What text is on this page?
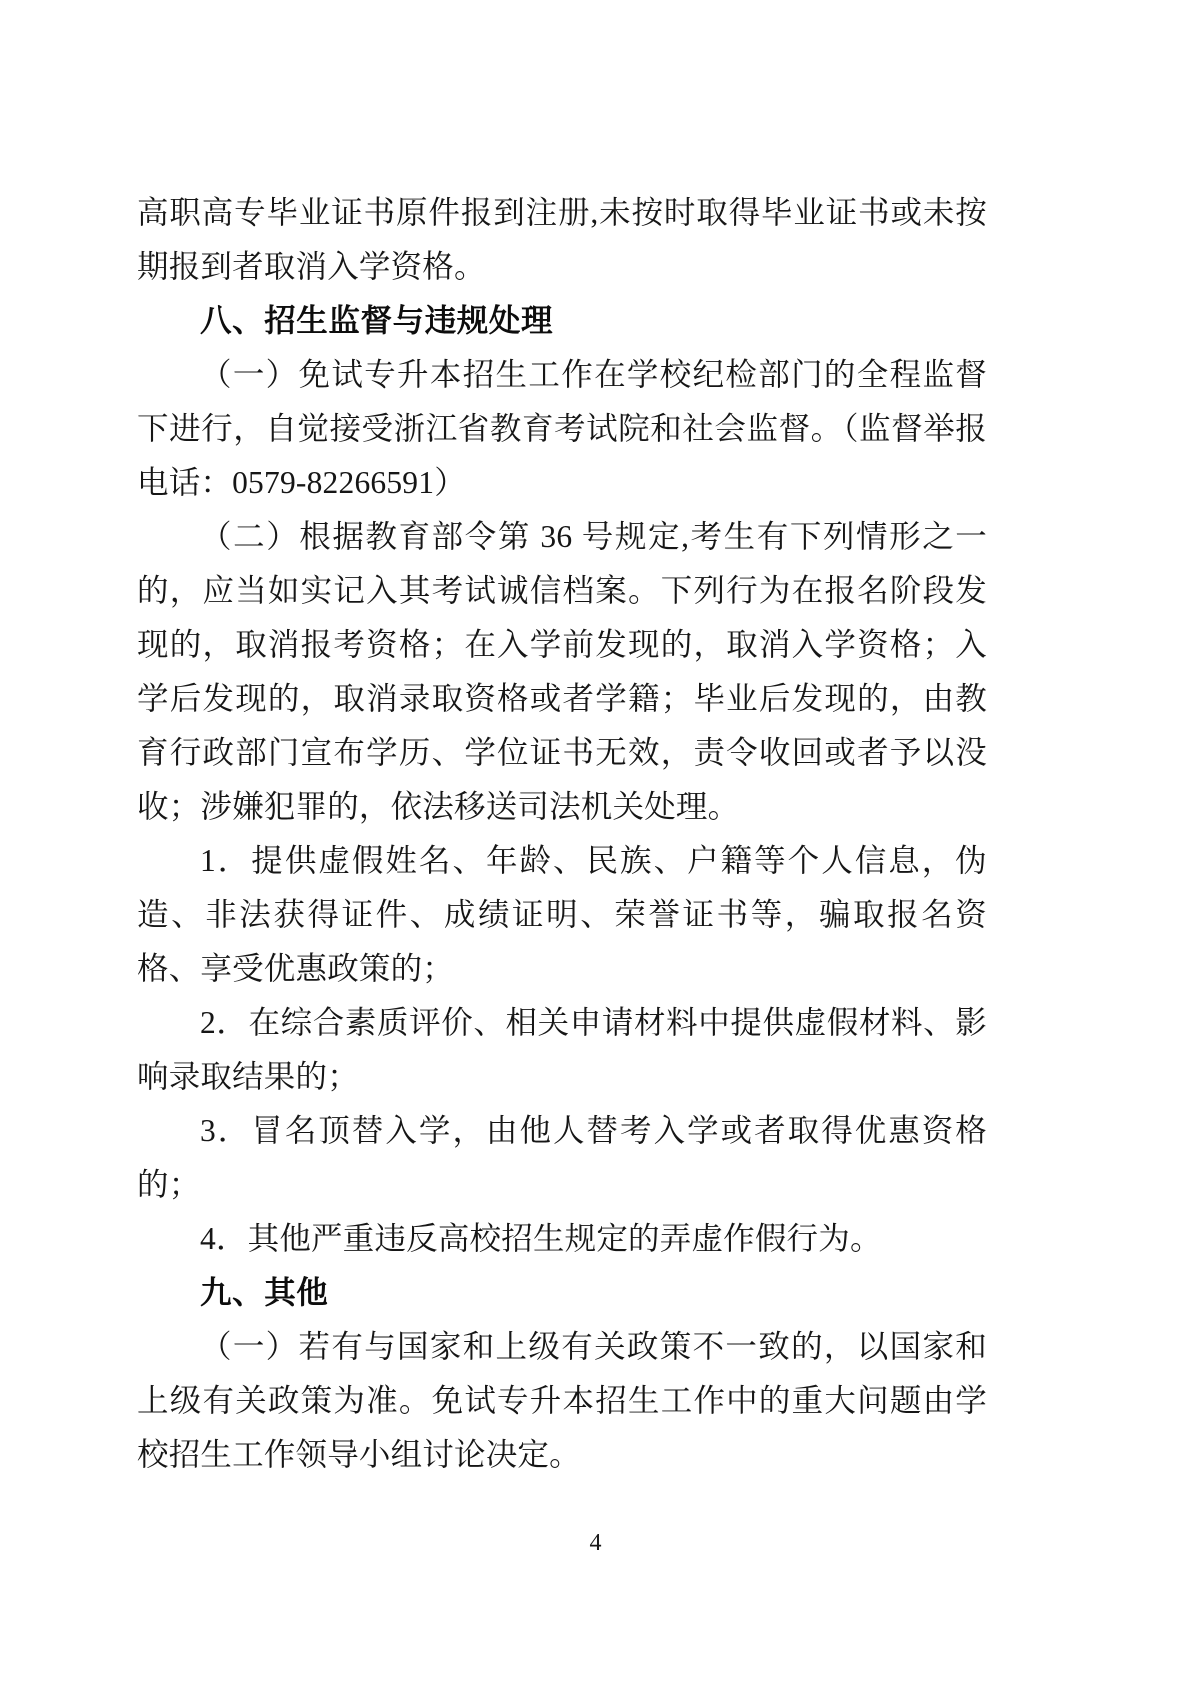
高职高专毕业证书原件报到注册,未按时取得毕业证书或未按期报到者取消入学资格。

八、招生监督与违规处理

（一）免试专升本招生工作在学校纪检部门的全程监督下进行，自觉接受浙江省教育考试院和社会监督。（监督举报电话：0579-82266591）

（二）根据教育部令第 36 号规定,考生有下列情形之一的，应当如实记入其考试诚信档案。下列行为在报名阶段发现的，取消报考资格；在入学前发现的，取消入学资格；入学后发现的，取消录取资格或者学籍；毕业后发现的，由教育行政部门宣布学历、学位证书无效，责令收回或者予以没收；涉嫌犯罪的，依法移送司法机关处理。

1．提供虚假姓名、年龄、民族、户籍等个人信息，伪造、非法获得证件、成绩证明、荣誉证书等，骗取报名资格、享受优惠政策的；

2．在综合素质评价、相关申请材料中提供虚假材料、影响录取结果的；

3．冒名顶替入学，由他人替考入学或者取得优惠资格的；

4．其他严重违反高校招生规定的弄虚作假行为。

九、其他

（一）若有与国家和上级有关政策不一致的，以国家和上级有关政策为准。免试专升本招生工作中的重大问题由学校招生工作领导小组讨论决定。

4
